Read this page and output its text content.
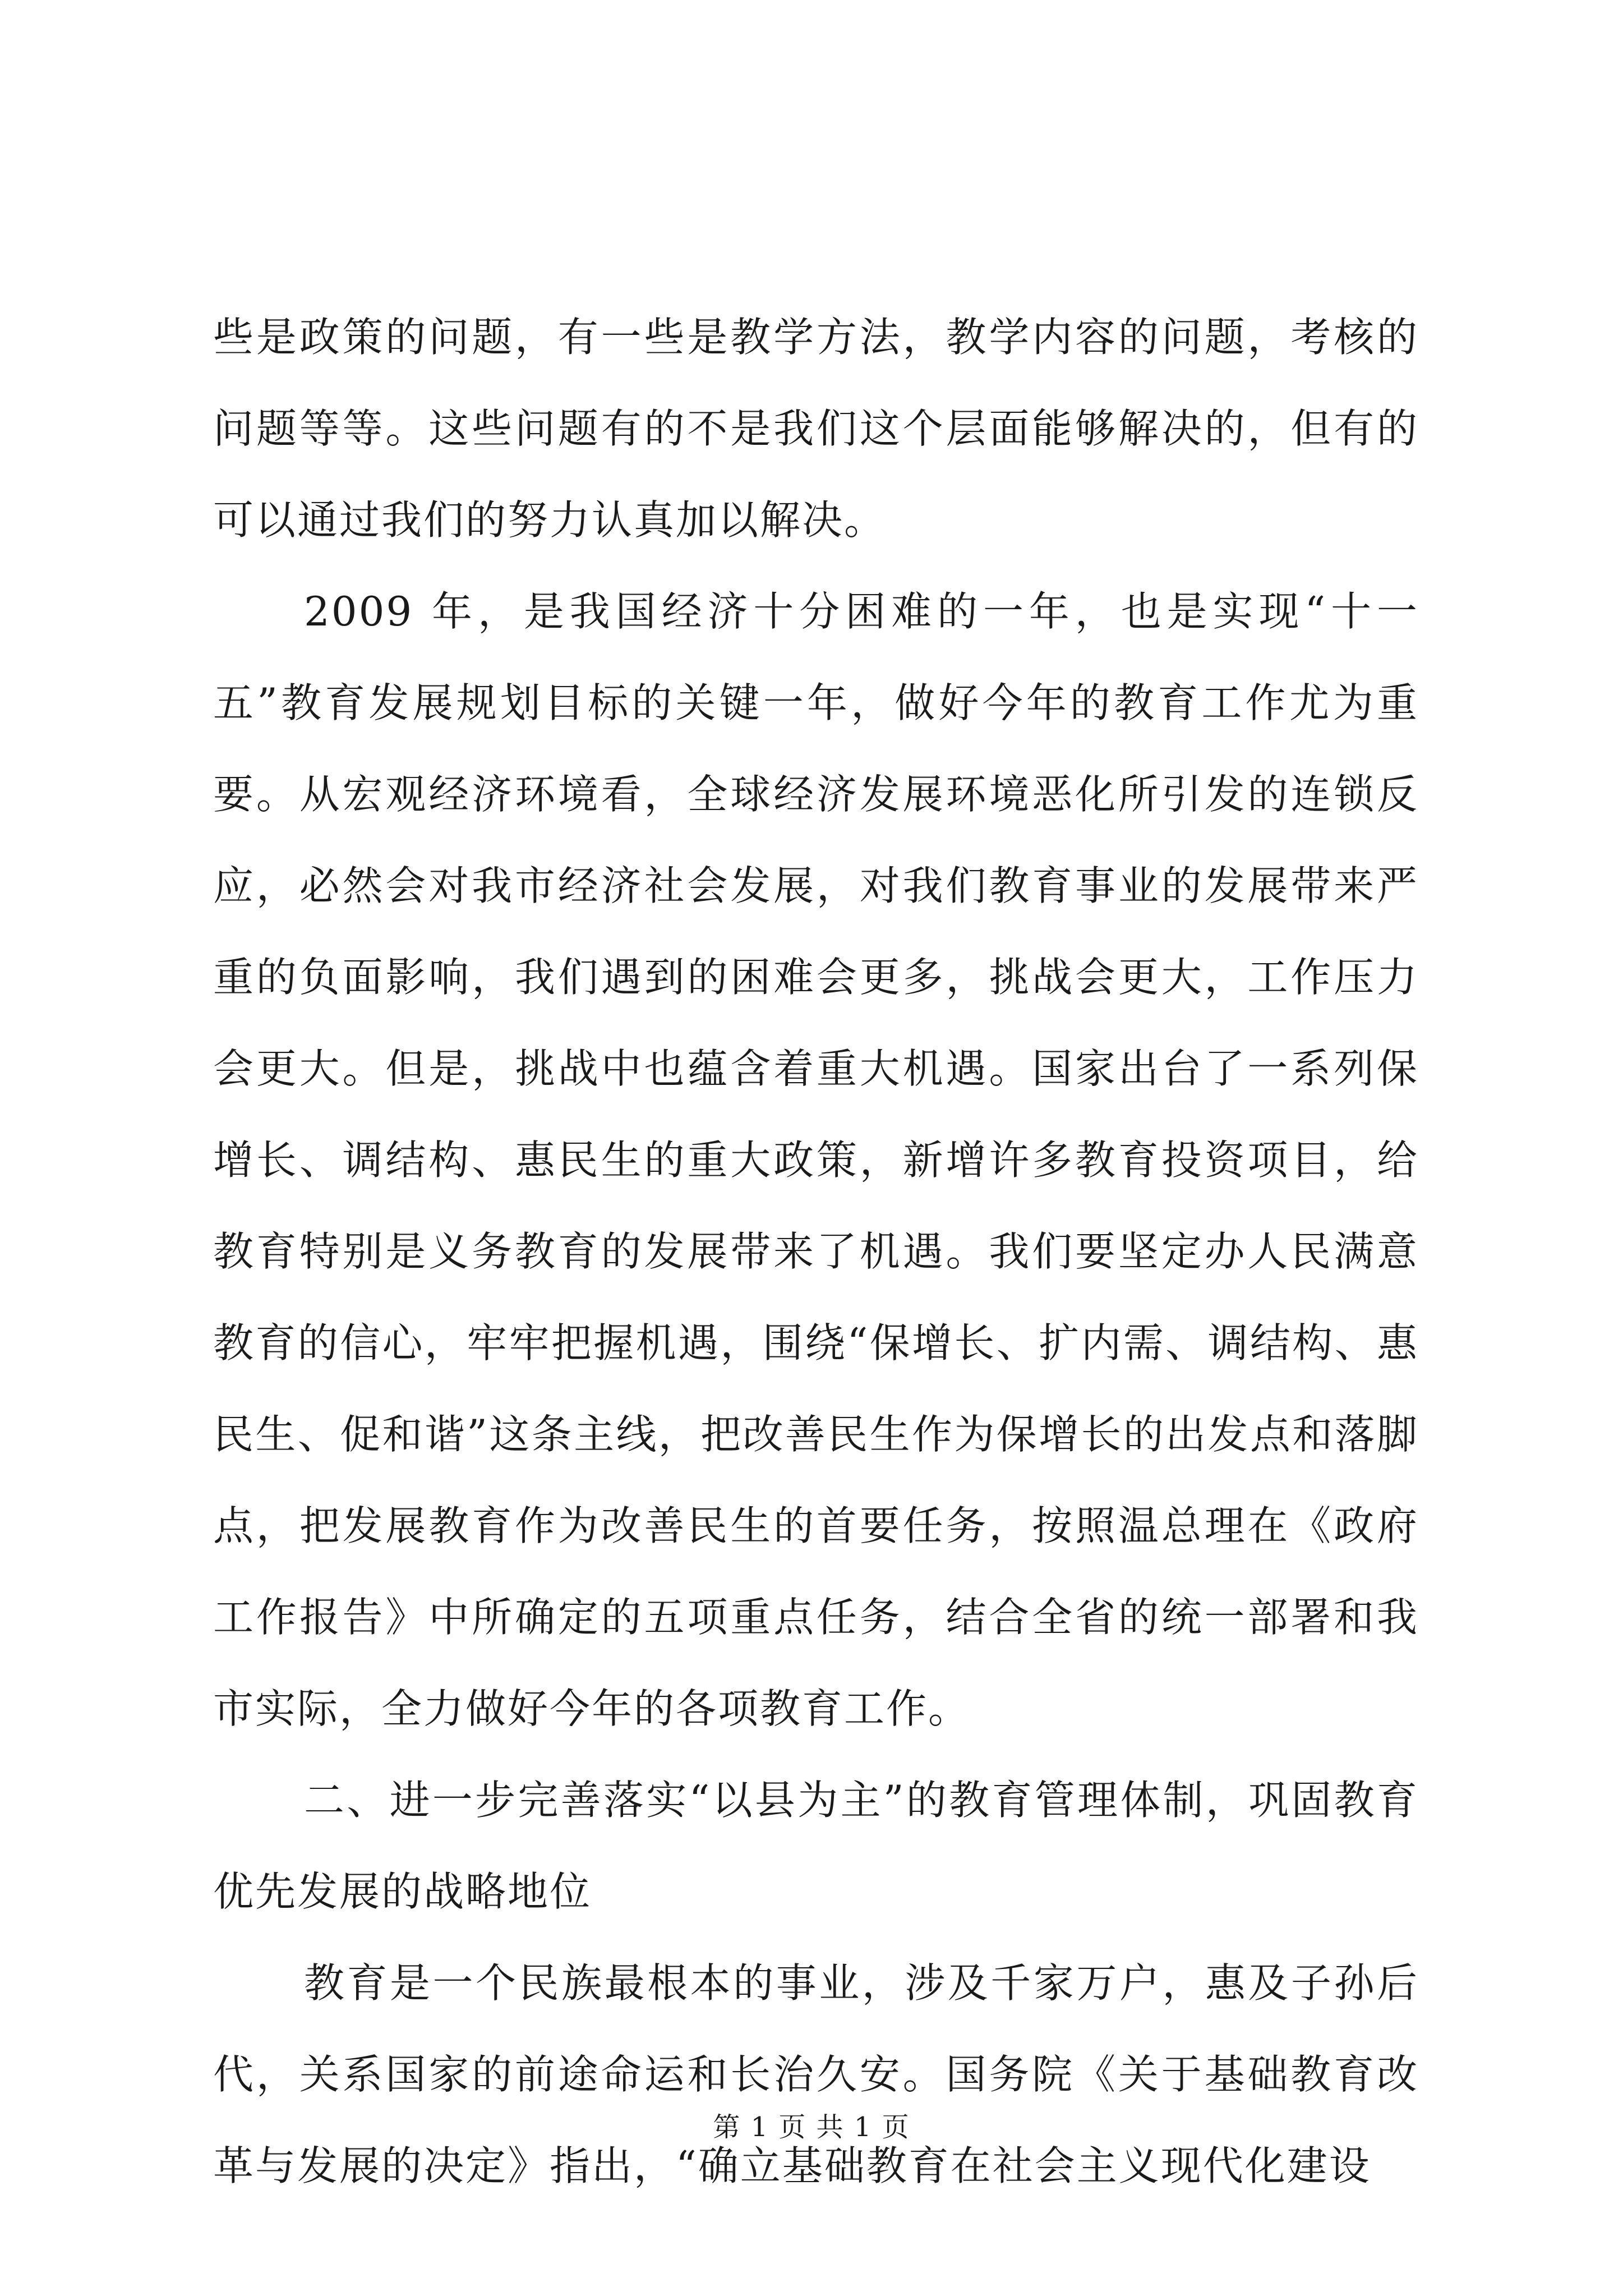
些是政策的问题，有一些是教学方法，教学内容的问题，考核的问题等等。这些问题有的不是我们这个层面能够解决的，但有的可以通过我们的努力认真加以解决。

2009 年，是我国经济十分困难的一年，也是实现“十一五”教育发展规划目标的关键一年，做好今年的教育工作尤为重要。从宏观经济环境看，全球经济发展环境恶化所引发的连锁反应，必然会对我市经济社会发展，对我们教育事业的发展带来严重的负面影响，我们遇到的困难会更多，挑战会更大，工作压力会更大。但是，挑战中也蕴含着重大机遇。国家出台了一系列保增长、调结构、惠民生的重大政策，新增许多教育投资项目，给教育特别是义务教育的发展带来了机遇。我们要坚定办人民满意教育的信心，牢牢把握机遇，围绕“保增长、扩内需、调结构、惠民生、促和谐”这条主线，把改善民生作为保增长的出发点和落脚点，把发展教育作为改善民生的首要任务，按照温总理在《政府工作报告》中所确定的五项重点任务，结合全省的统一部署和我市实际，全力做好今年的各项教育工作。

二、进一步完善落实“以县为主”的教育管理体制，巩固教育优先发展的战略地位

教育是一个民族最根本的事业，涉及千家万户，惠及子孙后代，关系国家的前途命运和长治久安。国务院《关于基础教育改革与发展的决定》指出，“确立基础教育在社会主义现代化建设

第 1 页 共 1 页
